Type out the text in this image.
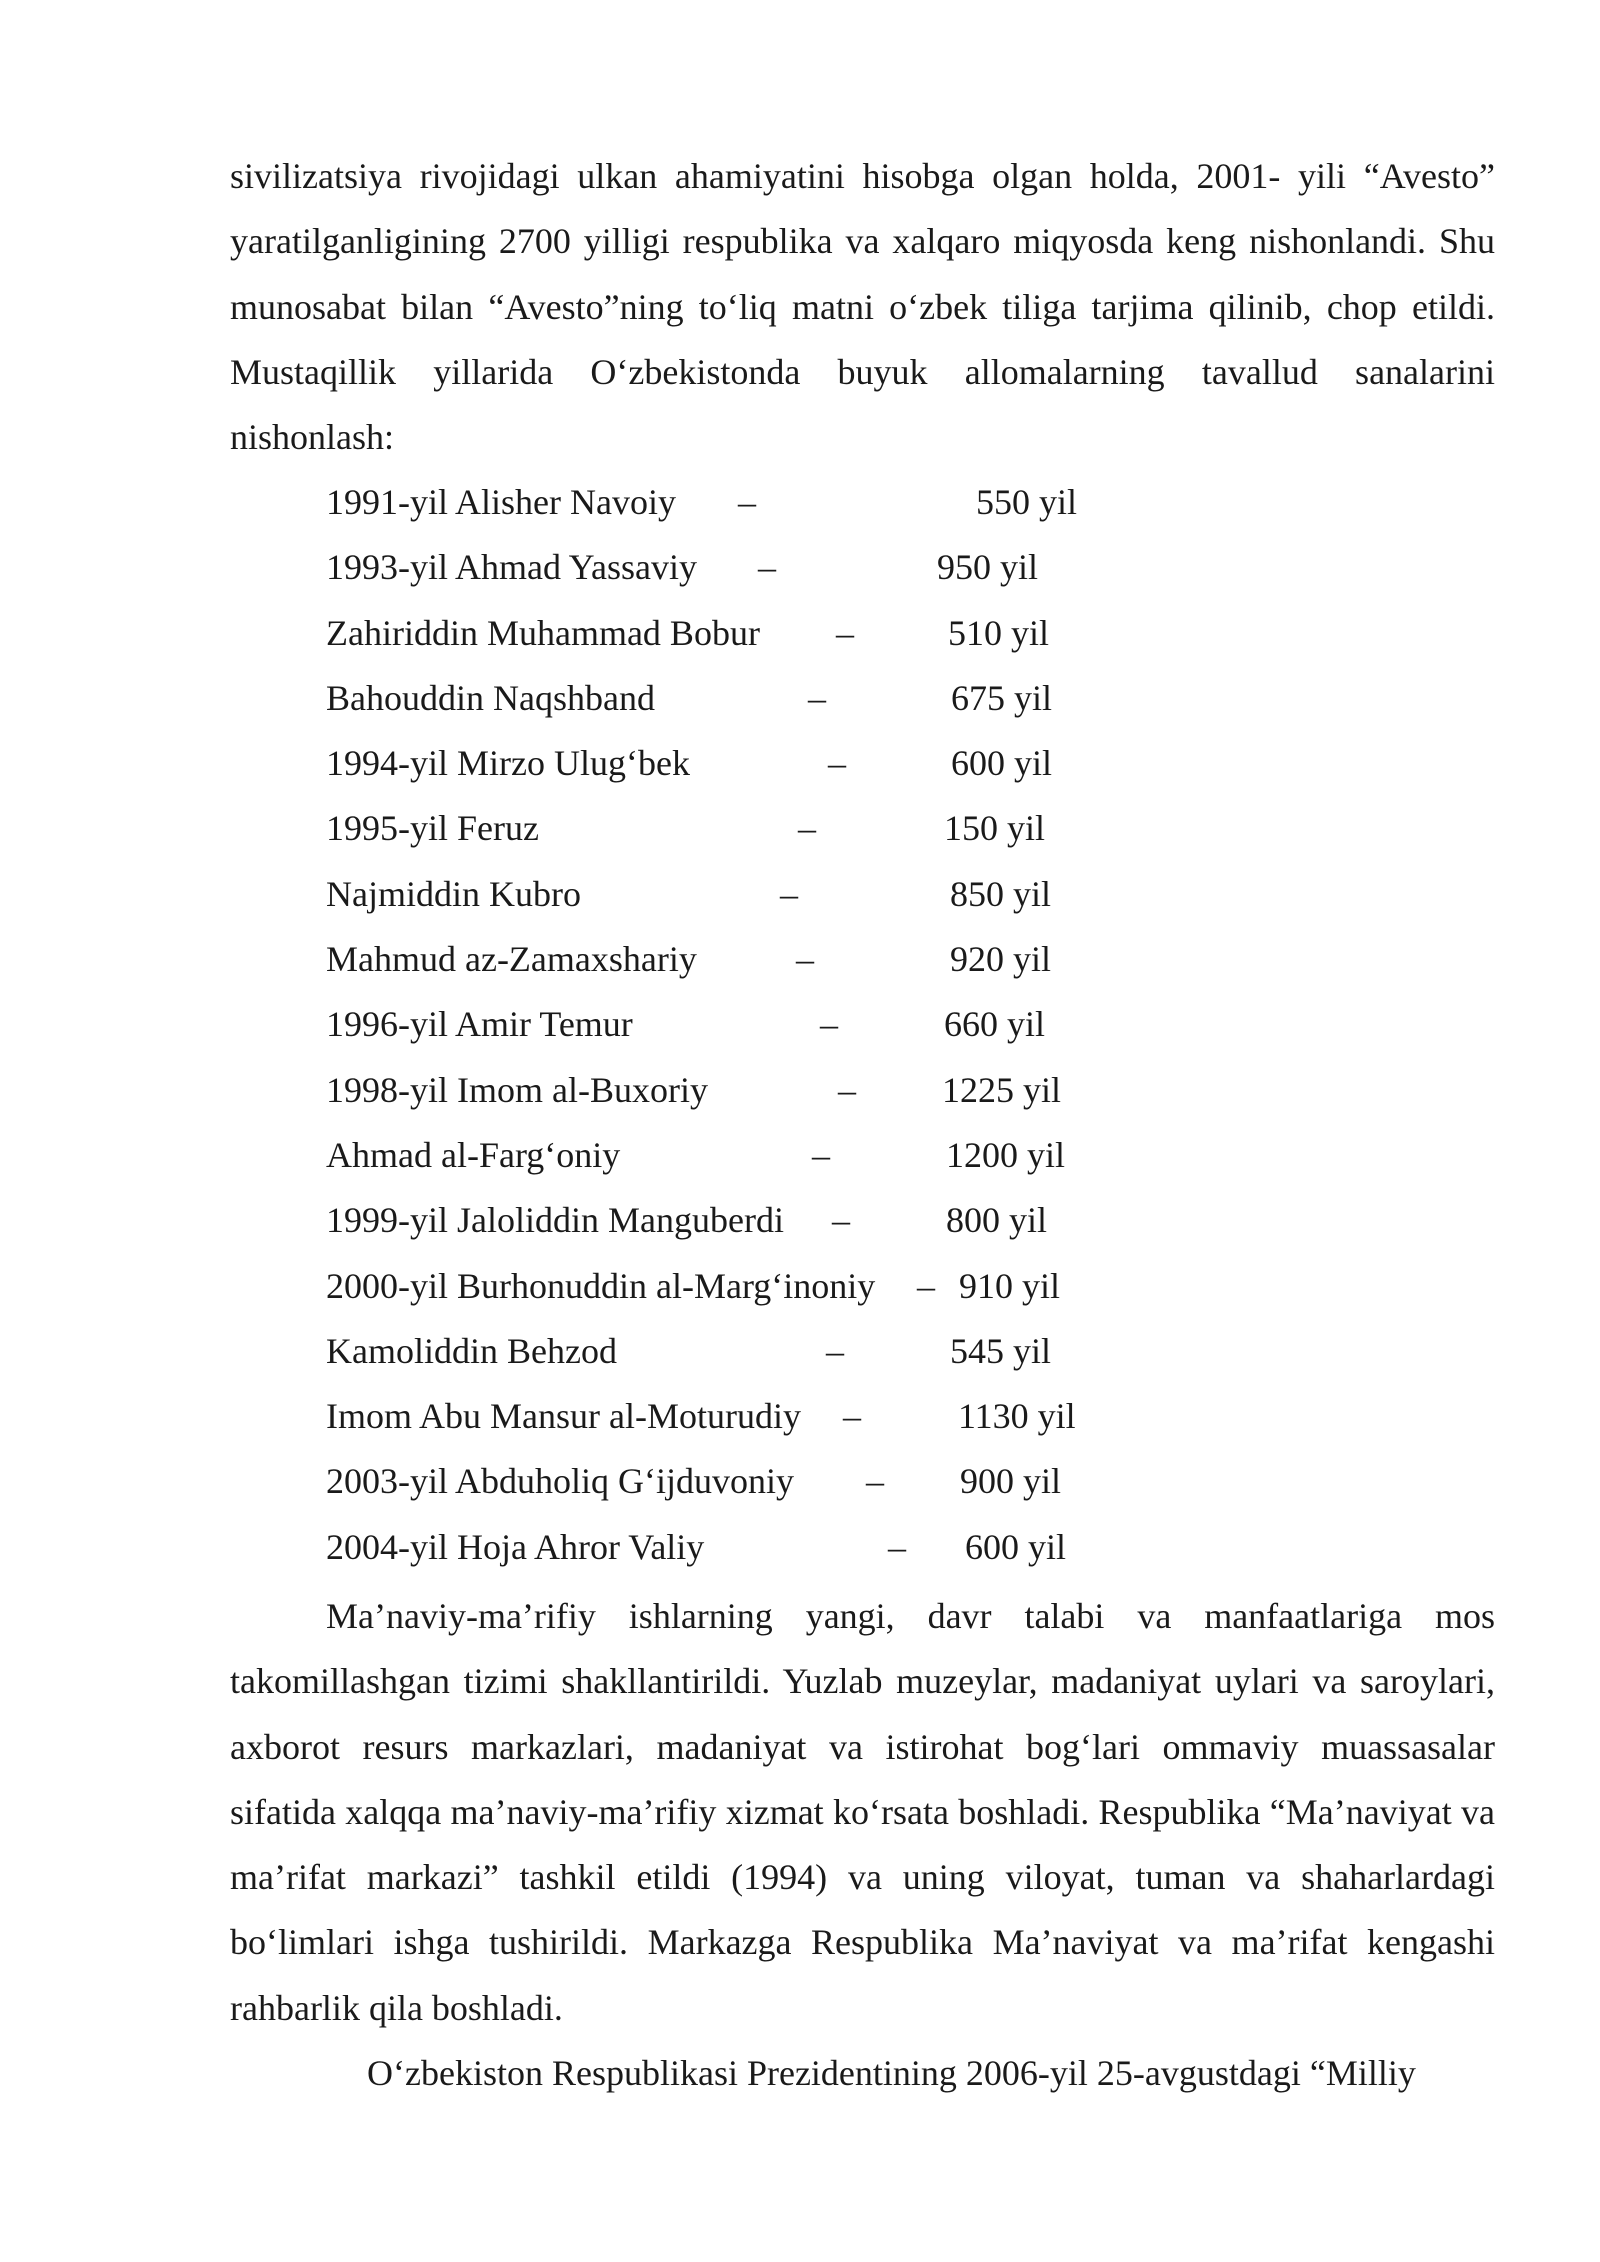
sivilizatsiya rivojidagi ulkan ahamiyatini hisobga olgan holda, 2001- yili “Avesto” yaratilganligining 2700 yilligi respublika va xalqaro miqyosda keng nishonlandi. Shu munosabat bilan “Avesto”ning to‘liq matni o‘zbek tiliga tarjima qilinib, chop etildi. Mustaqillik yillarida O‘zbekistonda buyuk allomalarning tavallud sanalarini nishonlash:

1991-yil Alisher Navoiy –	550 yil
1993-yil Ahmad Yassaviy –	950 yil
Zahiriddin Muhammad Bobur –	510 yil
Bahouddin Naqshband	–	675 yil
1994-yil Mirzo Ulug‘bek	–	600 yil
1995-yil Feruz	–	150 yil
Najmiddin Kubro	–	850 yil
Mahmud az-Zamaxshariy	–	920 yil
1996-yil Amir Temur	–	660 yil
1998-yil Imom al-Buxoriy	– 1225 yil
Ahmad al-Farg‘oniy	–	1200 yil
1999-yil Jaloliddin Manguberdi –	800 yil
2000-yil Burhonuddin al-Marg‘inoniy – 910 yil
Kamoliddin Behzod	–	545 yil
Imom Abu Mansur al-Moturudiy –	1130 yil
2003-yil Abduholiq G‘ijduvoniy – 900 yil
2004-yil Hoja Ahror Valiy	– 600 yil

Ma’naviy-ma’rifiy ishlarning yangi, davr talabi va manfaatlariga mos takomillashgan tizimi shakllantirildi. Yuzlab muzeylar, madaniyat uylari va saroylari, axborot resurs markazlari, madaniyat va istirohat bog‘lari ommaviy muassasalar sifatida xalqqa ma’naviy-ma’rifiy xizmat ko‘rsata boshladi. Respublika “Ma’naviyat va ma’rifat markazi” tashkil etildi (1994) va uning viloyat, tuman va shaharlardagi bo‘limlari ishga tushirildi. Markazga Respublika Ma’naviyat va ma’rifat kengashi rahbarlik qila boshladi.

O‘zbekiston Respublikasi Prezidentining 2006-yil 25-avgustdagi “Milliy
